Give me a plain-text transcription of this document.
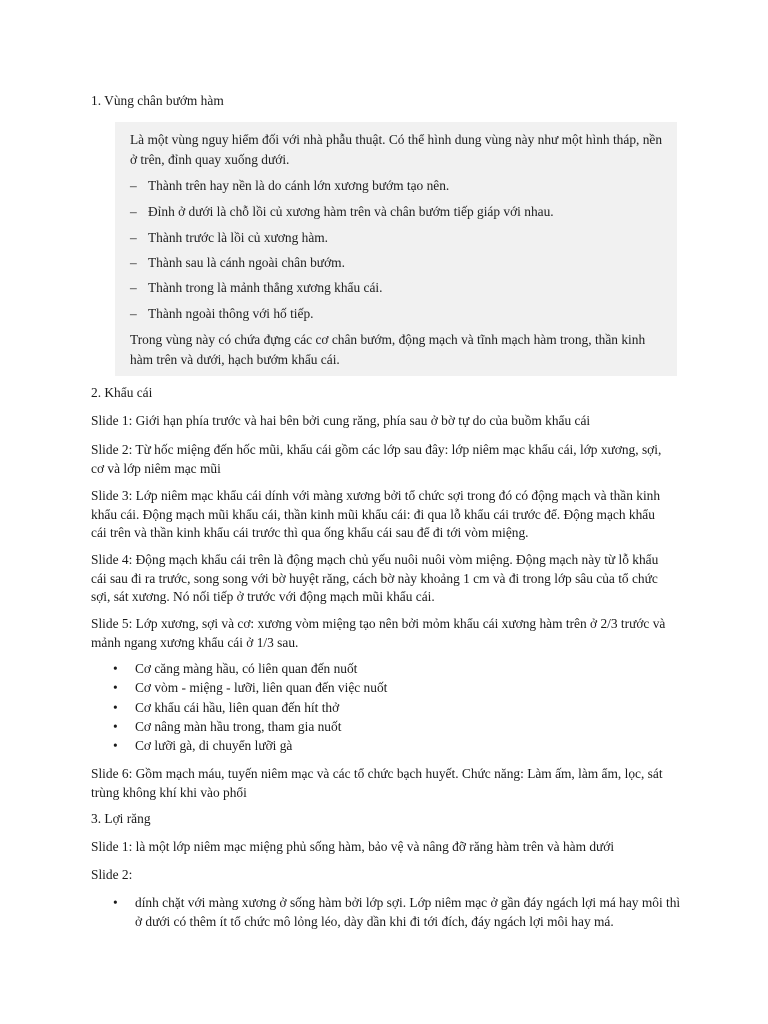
1. Vùng chân bướm hàm

Là một vùng nguy hiểm đối với nhà phẫu thuật. Có thể hình dung vùng này như một hình tháp, nền ở trên, đỉnh quay xuống dưới.

– Thành trên hay nền là do cánh lớn xương bướm tạo nên.

– Đỉnh ở dưới là chỗ lồi củ xương hàm trên và chân bướm tiếp giáp với nhau.

– Thành trước là lồi củ xương hàm.

– Thành sau là cánh ngoài chân bướm.

– Thành trong là mảnh thẳng xương khẩu cái.

– Thành ngoài thông với hố tiếp.

Trong vùng này có chứa đựng các cơ chân bướm, động mạch và tĩnh mạch hàm trong, thần kinh hàm trên và dưới, hạch bướm khẩu cái.

2. Khẩu cái

Slide 1: Giới hạn phía trước và hai bên bởi cung răng, phía sau ở bờ tự do của buồm khẩu cái

Slide 2: Từ hốc miệng đến hốc mũi, khẩu cái gồm các lớp sau đây: lớp niêm mạc khẩu cái, lớp xương, sợi, cơ và lớp niêm mạc mũi

Slide 3: Lớp niêm mạc khẩu cái dính với màng xương bởi tổ chức sợi trong đó có động mạch và thần kinh khẩu cái. Động mạch mũi khẩu cái, thần kinh mũi khẩu cái: đi qua lỗ khẩu cái trước để. Động mạch khẩu cái trên và thần kinh khẩu cái trước thì qua ống khẩu cái sau để đi tới vòm miệng.

Slide 4: Động mạch khẩu cái trên là động mạch chủ yếu nuôi nuôi vòm miệng. Động mạch này từ lỗ khẩu cái sau đi ra trước, song song với bờ huyệt răng, cách bờ này khoảng 1 cm và đi trong lớp sâu của tổ chức sợi, sát xương. Nó nối tiếp ở trước với động mạch mũi khẩu cái.

Slide 5: Lớp xương, sợi và cơ: xương vòm miệng tạo nên bởi mỏm khẩu cái xương hàm trên ở 2/3 trước và mảnh ngang xương khẩu cái ở 1/3 sau.

• Cơ căng màng hầu, có liên quan đến nuốt
• Cơ vòm - miệng - lưỡi, liên quan đến việc nuốt
• Cơ khẩu cái hầu, liên quan đến hít thở
• Cơ nâng màn hầu trong, tham gia nuốt
• Cơ lưỡi gà, di chuyển lưỡi gà

Slide 6: Gồm mạch máu, tuyến niêm mạc và các tổ chức bạch huyết. Chức năng: Làm ấm, làm ẩm, lọc, sát trùng không khí khi vào phổi

3. Lợi răng

Slide 1: là một lớp niêm mạc miệng phủ sống hàm, bảo vệ và nâng đỡ răng hàm trên và hàm dưới

Slide 2:

• dính chặt với màng xương ở sống hàm bởi lớp sợi. Lớp niêm mạc ở gần đáy ngách lợi má hay môi thì ở dưới có thêm ít tổ chức mô lỏng léo, dày dần khi đi tới đích, đáy ngách lợi môi hay má.
